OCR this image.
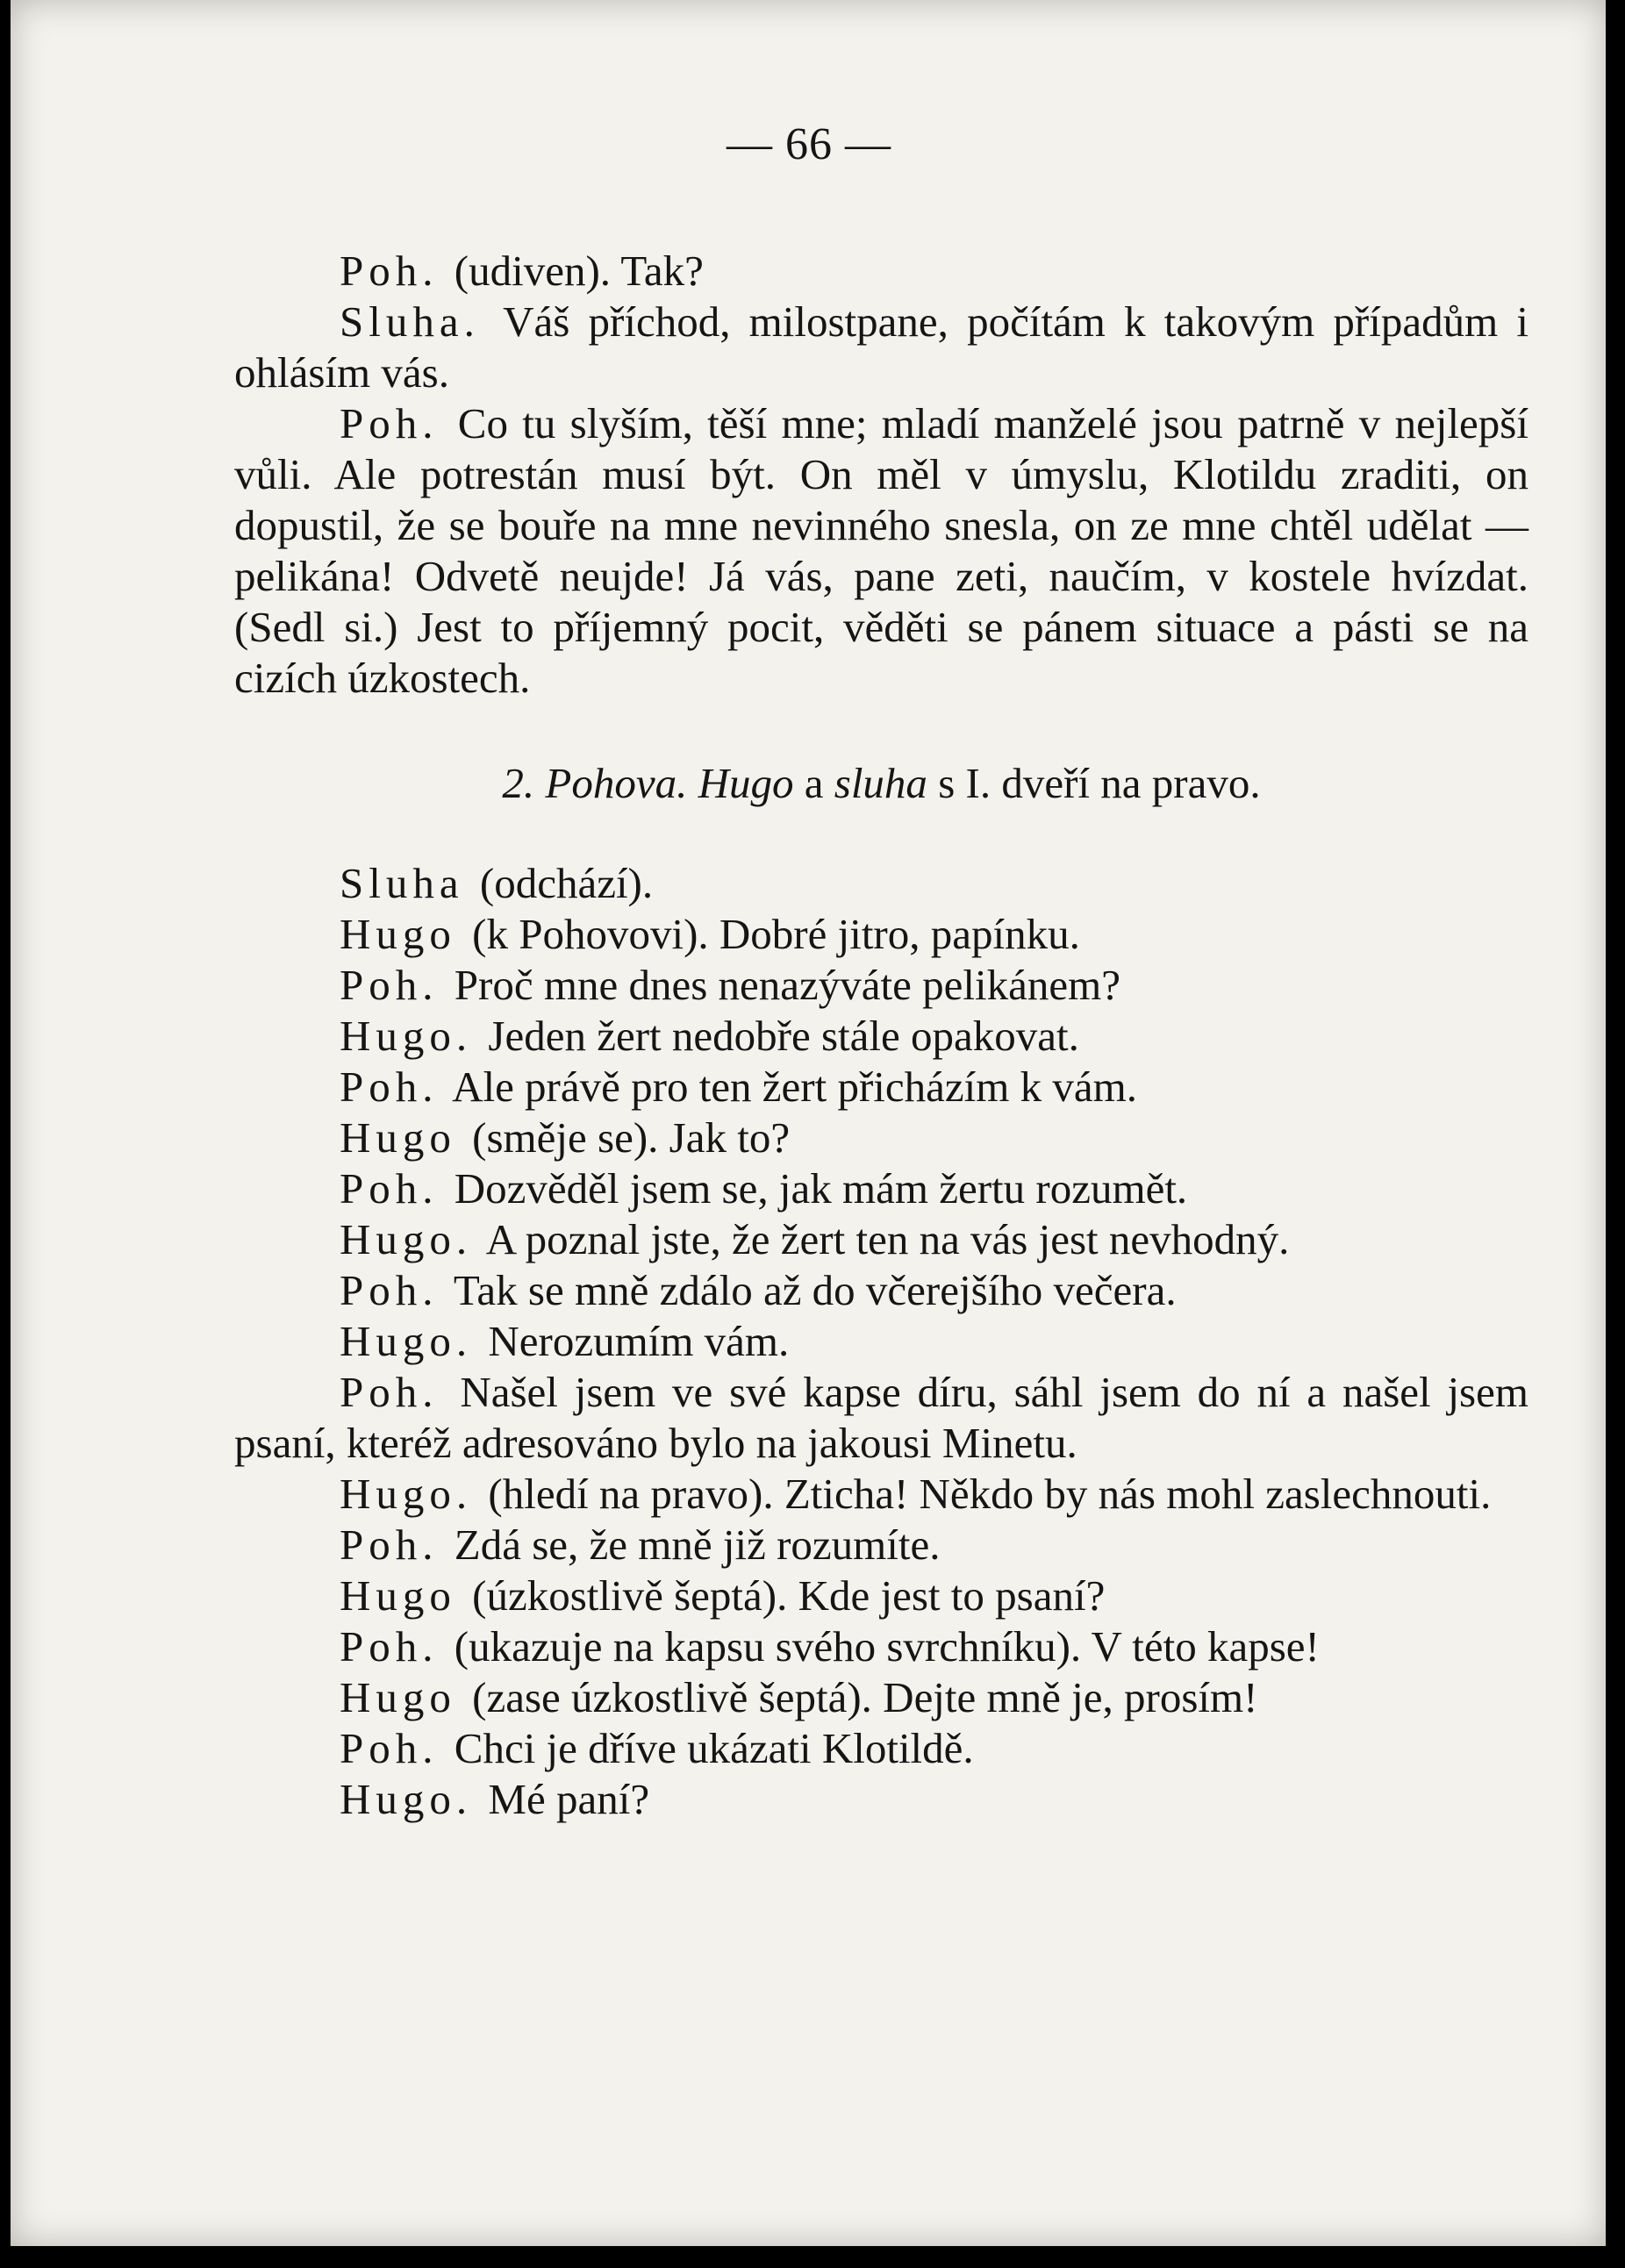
— 66 —

Poh. (udiven). Tak?

Sluha. Váš příchod, milostpane, počítám k takovým případům i ohlásím vás.

Poh. Co tu slyším, těší mne; mladí manželé jsou patrně v nejlepší vůli. Ale potrestán musí být. On měl v úmyslu, Klotildu zraditi, on dopustil, že se bouře na mne nevinného snesla, on ze mne chtěl udělat — pelikána! Odvetě neujde! Já vás, pane zeti, naučím, v kostele hvízdat. (Sedl si.) Jest to příjemný pocit, věděti se pánem situace a pásti se na cizích úzkostech.

2. Pohova. Hugo a sluha s I. dveří na pravo.

Sluha (odchází).

Hugo (k Pohovovi). Dobré jitro, papínku.

Poh. Proč mne dnes nenazýváte pelikánem?

Hugo. Jeden žert nedobře stále opakovat.

Poh. Ale právě pro ten žert přicházím k vám.

Hugo (směje se). Jak to?

Poh. Dozvěděl jsem se, jak mám žertu rozumět.

Hugo. A poznal jste, že žert ten na vás jest nevhodný.

Poh. Tak se mně zdálo až do včerejšího večera.

Hugo. Nerozumím vám.

Poh. Našel jsem ve své kapse díru, sáhl jsem do ní a našel jsem psaní, kteréž adresováno bylo na jakousi Minetu.

Hugo. (hledí na pravo). Zticha! Někdo by nás mohl zaslechnouti.

Poh. Zdá se, že mně již rozumíte.

Hugo (úzkostlivě šeptá). Kde jest to psaní?

Poh. (ukazuje na kapsu svého svrchníku). V této kapse!

Hugo (zase úzkostlivě šeptá). Dejte mně je, prosím!

Poh. Chci je dříve ukázati Klotildě.

Hugo. Mé paní?
